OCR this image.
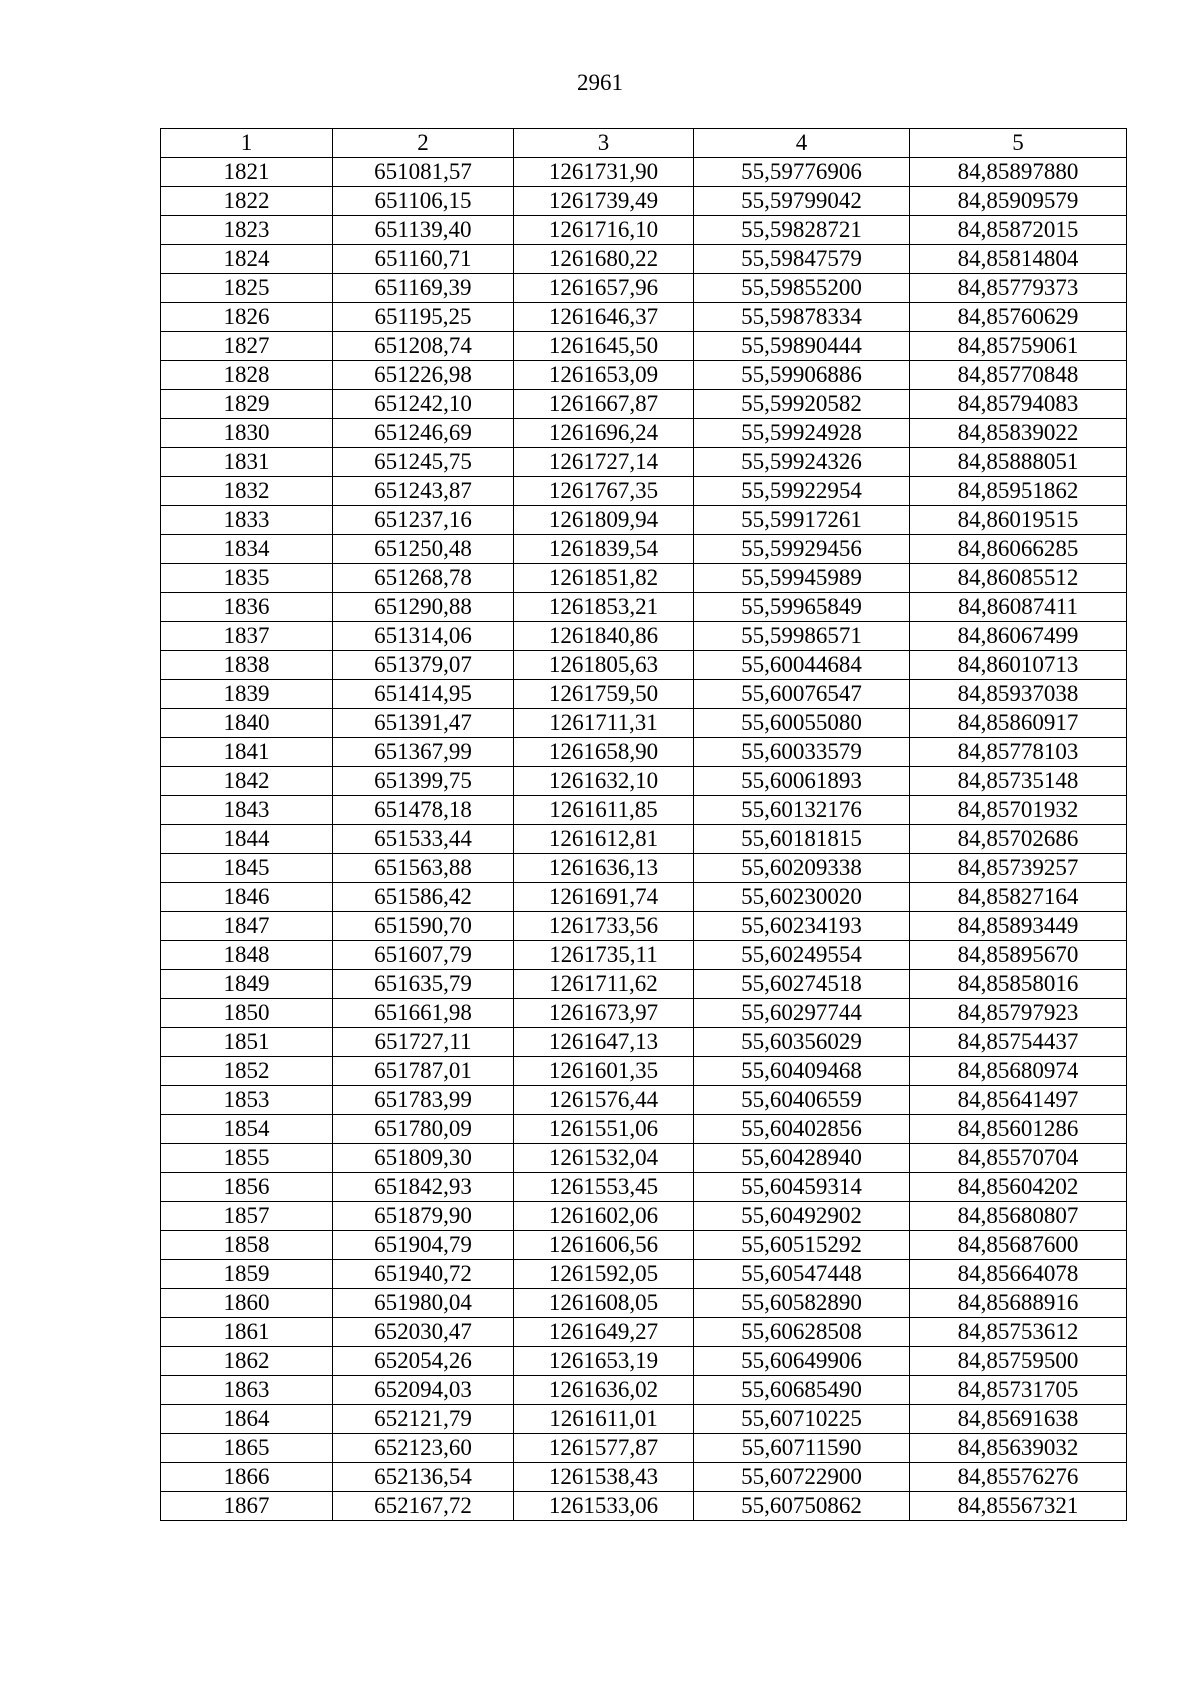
2961
1	2	3	4	5
1821	651081,57	1261731,90	55,59776906	84,85897880
1822	651106,15	1261739,49	55,59799042	84,85909579
1823	651139,40	1261716,10	55,59828721	84,85872015
1824	651160,71	1261680,22	55,59847579	84,85814804
1825	651169,39	1261657,96	55,59855200	84,85779373
1826	651195,25	1261646,37	55,59878334	84,85760629
1827	651208,74	1261645,50	55,59890444	84,85759061
1828	651226,98	1261653,09	55,59906886	84,85770848
1829	651242,10	1261667,87	55,59920582	84,85794083
1830	651246,69	1261696,24	55,59924928	84,85839022
1831	651245,75	1261727,14	55,59924326	84,85888051
1832	651243,87	1261767,35	55,59922954	84,85951862
1833	651237,16	1261809,94	55,59917261	84,86019515
1834	651250,48	1261839,54	55,59929456	84,86066285
1835	651268,78	1261851,82	55,59945989	84,86085512
1836	651290,88	1261853,21	55,59965849	84,86087411
1837	651314,06	1261840,86	55,59986571	84,86067499
1838	651379,07	1261805,63	55,60044684	84,86010713
1839	651414,95	1261759,50	55,60076547	84,85937038
1840	651391,47	1261711,31	55,60055080	84,85860917
1841	651367,99	1261658,90	55,60033579	84,85778103
1842	651399,75	1261632,10	55,60061893	84,85735148
1843	651478,18	1261611,85	55,60132176	84,85701932
1844	651533,44	1261612,81	55,60181815	84,85702686
1845	651563,88	1261636,13	55,60209338	84,85739257
1846	651586,42	1261691,74	55,60230020	84,85827164
1847	651590,70	1261733,56	55,60234193	84,85893449
1848	651607,79	1261735,11	55,60249554	84,85895670
1849	651635,79	1261711,62	55,60274518	84,85858016
1850	651661,98	1261673,97	55,60297744	84,85797923
1851	651727,11	1261647,13	55,60356029	84,85754437
1852	651787,01	1261601,35	55,60409468	84,85680974
1853	651783,99	1261576,44	55,60406559	84,85641497
1854	651780,09	1261551,06	55,60402856	84,85601286
1855	651809,30	1261532,04	55,60428940	84,85570704
1856	651842,93	1261553,45	55,60459314	84,85604202
1857	651879,90	1261602,06	55,60492902	84,85680807
1858	651904,79	1261606,56	55,60515292	84,85687600
1859	651940,72	1261592,05	55,60547448	84,85664078
1860	651980,04	1261608,05	55,60582890	84,85688916
1861	652030,47	1261649,27	55,60628508	84,85753612
1862	652054,26	1261653,19	55,60649906	84,85759500
1863	652094,03	1261636,02	55,60685490	84,85731705
1864	652121,79	1261611,01	55,60710225	84,85691638
1865	652123,60	1261577,87	55,60711590	84,85639032
1866	652136,54	1261538,43	55,60722900	84,85576276
1867	652167,72	1261533,06	55,60750862	84,85567321
